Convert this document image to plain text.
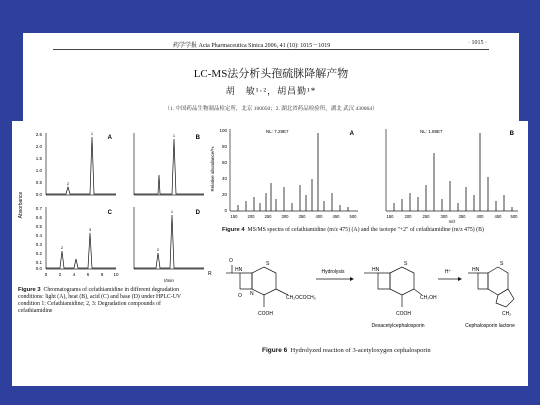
药学学报 Acta Pharmaceutica Sinica 2006, 41 (10): 1015－1019	· 1015 ·
LC-MS法分析头孢硫脒降解产物
胡　敏¹·²，胡昌勤¹*
（1. 中国药品生物制品检定所，北京 100050；2. 湖北省药品检验所，湖北 武汉 430064）
Absorbance
2.5
2.0
1.5
1.0
0.5
0.0
2
1
A	1	B
0.7
0.6
0.5
0.4
0.3
0.2
0.1
0.0
2
3
C
0	2	4	6	8 10
2
1	D
t/min
Figure 3 Chromatograms of cefathiamidine in different degradation conditions: light (A), heat (B), acid (C) and base (D) under HPLC-UV condition 1: Cefathiamidine; 2, 3: Degradation compounds of cefathiamidine
Relative abundance/%
100
80
60
40
20
0
NL: 7.29E7	A
150 200 250 300 350 400 450 500
NL: 1.89E7	B
150	200	250	300	350	400	450 500
m/z
Figure 4 MS/MS spectra of cefathiamidine (m/z 475) (A) and the isotope "+2" of cefathiamidine (m/z 475) (B)
R
O
HN
S
N
O	CH₂OCOCH₃
COOH
Hydrolysis	HN
S
CH₂OH
COOH
H⁺	HN
S
CH₂
Desacetylcephalosporin	Cephalosporin lactone
Figure 6 Hydrolyzed reaction of 3-acetyloxygen cephalosporin
